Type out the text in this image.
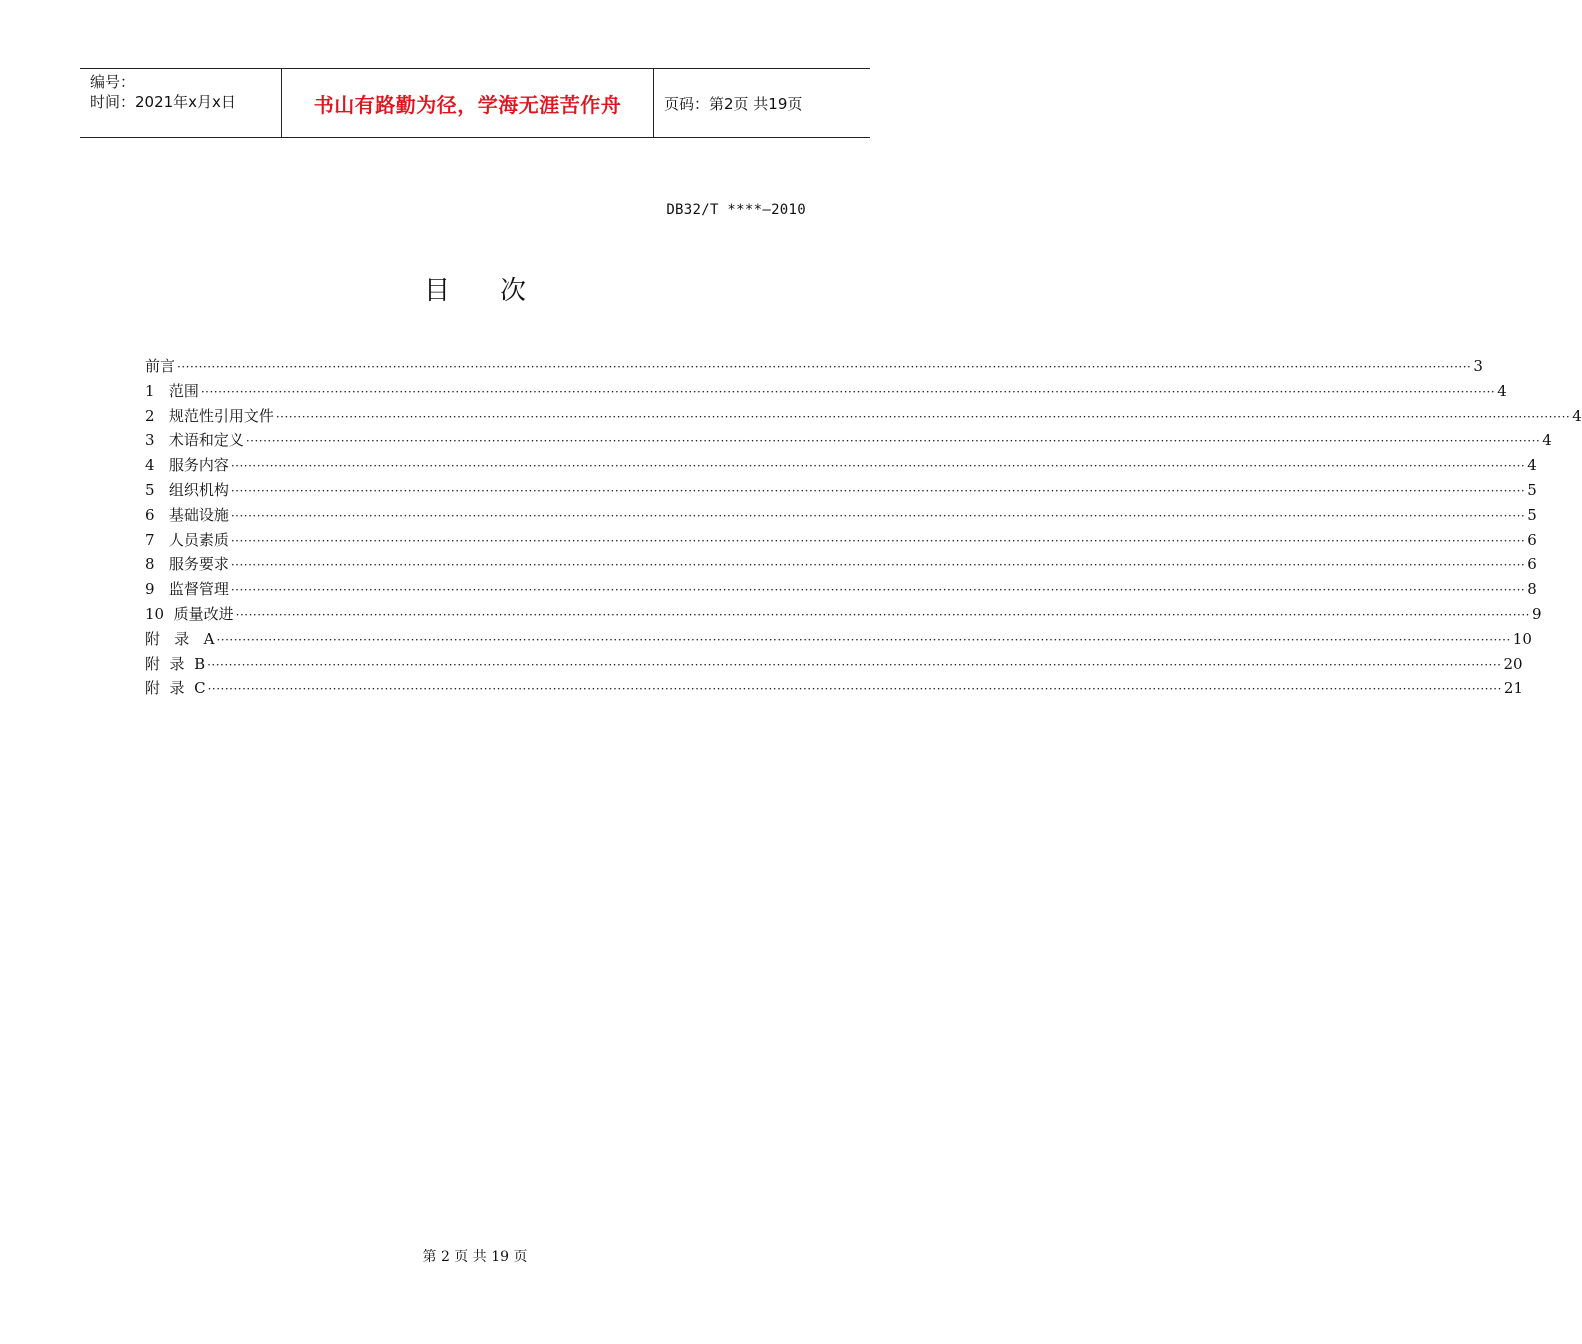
编号：
时间：2021年x月x日	书山有路勤为径，学海无涯苦作舟	页码：第2页 共19页
DB32/T ****—2010
目次
前言 ············································································································································································································································································································ 3
1   范围 ············································································································································································································································································································ 4
2   规范性引用文件 ············································································································································································································································································································ 4
3   术语和定义 ············································································································································································································································································································ 4
4   服务内容 ············································································································································································································································································································ 4
5   组织机构 ············································································································································································································································································································ 5
6   基础设施 ············································································································································································································································································································ 5
7   人员素质 ············································································································································································································································································································ 6
8   服务要求 ············································································································································································································································································································ 6
9   监督管理 ············································································································································································································································································································ 8
10  质量改进 ············································································································································································································································································································ 9
附   录   A ············································································································································································································································································································ 10
附  录  B ············································································································································································································································································································ 20
附  录  C ············································································································································································································································································································ 21
第 2 页 共 19 页
